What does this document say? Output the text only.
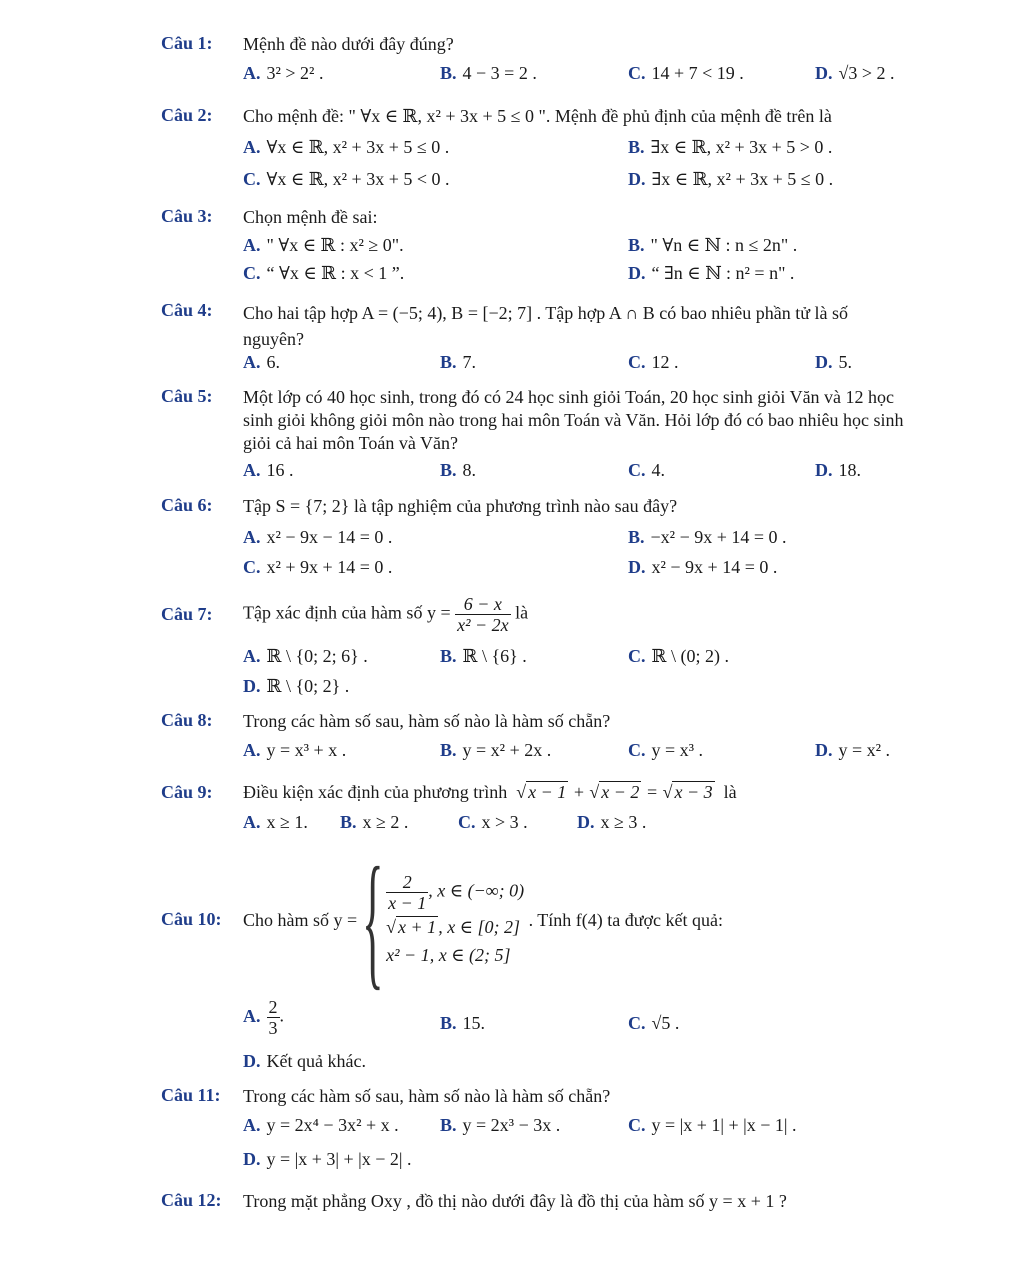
Câu 1: Mệnh đề nào dưới đây đúng?
A. 3² > 2² .	B. 4 − 3 = 2 .	C. 14 + 7 < 19 .	D. √3 > 2 .
Câu 2: Cho mệnh đề: " ∀x ∈ ℝ, x² + 3x + 5 ≤ 0 ". Mệnh đề phủ định của mệnh đề trên là
A. ∀x ∈ ℝ, x² + 3x + 5 ≤ 0 .	B. ∃x ∈ ℝ, x² + 3x + 5 > 0 .
C. ∀x ∈ ℝ, x² + 3x + 5 < 0 .	D. ∃x ∈ ℝ, x² + 3x + 5 ≤ 0 .
Câu 3: Chọn mệnh đề sai:
A. " ∀x ∈ ℝ : x² ≥ 0".	B. " ∀n ∈ ℕ : n ≤ 2n" .
C. “ ∀x ∈ ℝ : x < 1 ”.	D. “ ∃n ∈ ℕ : n² = n" .
Câu 4: Cho hai tập hợp A = (−5; 4), B = [−2; 7] . Tập hợp A ∩ B có bao nhiêu phần tử là số nguyên?
A. 6.	B. 7.	C. 12 .	D. 5.
Câu 5: Một lớp có 40 học sinh, trong đó có 24 học sinh giỏi Toán, 20 học sinh giỏi Văn và 12 học sinh giỏi không giỏi môn nào trong hai môn Toán và Văn. Hỏi lớp đó có bao nhiêu học sinh giỏi cả hai môn Toán và Văn?
A. 16 .	B. 8.	C. 4.	D. 18.
Câu 6: Tập S = {7; 2} là tập nghiệm của phương trình nào sau đây?
A. x² − 9x − 14 = 0 .	B. −x² − 9x + 14 = 0 .
C. x² + 9x + 14 = 0 .	D. x² − 9x + 14 = 0 .
Câu 7: Tập xác định của hàm số $y = \frac{6 - x}{\text{x² − 2x}}$ là
A. ℝ \ {0; 2; 6} .	B. ℝ \ {6} .	C. ℝ \ (0; 2) .
D. ℝ \ {0; 2} .
Câu 8: Trong các hàm số sau, hàm số nào là hàm số chẵn?
A. y = x³ + x .	B. y = x² + 2x .	C. y = x³ .	D. y = x² .
Câu 9: Điều kiện xác định của phương trình  √ x − 1 + √ x − 2 = √ x − 3 là
A. x ≥ 1. B. x ≥ 2 .	C. x > 3 .	D. x ≥ 3 .
Câu 10: Cho hàm số y = { $\frac{2}{x - 1}$ , x ∈ (−∞; 0)
√ x + 1 , x ∈ [0; 2]
x² − 1, x ∈ (2; 5]
. Tính f(4) ta được kết quả:
A. $\frac{2}{3}$ .	B. 15.	C. √5 .
D. Kết quả khác.
Câu 11: Trong các hàm số sau, hàm số nào là hàm số chẵn?
A. y = 2x⁴ − 3x² + x . B. y = 2x³ − 3x .	C. y = |x + 1| + |x − 1| .
D. y = |x + 3| + |x − 2| .
Câu 12: Trong mặt phẳng Oxy , đồ thị nào dưới đây là đồ thị của hàm số y = x + 1 ?
